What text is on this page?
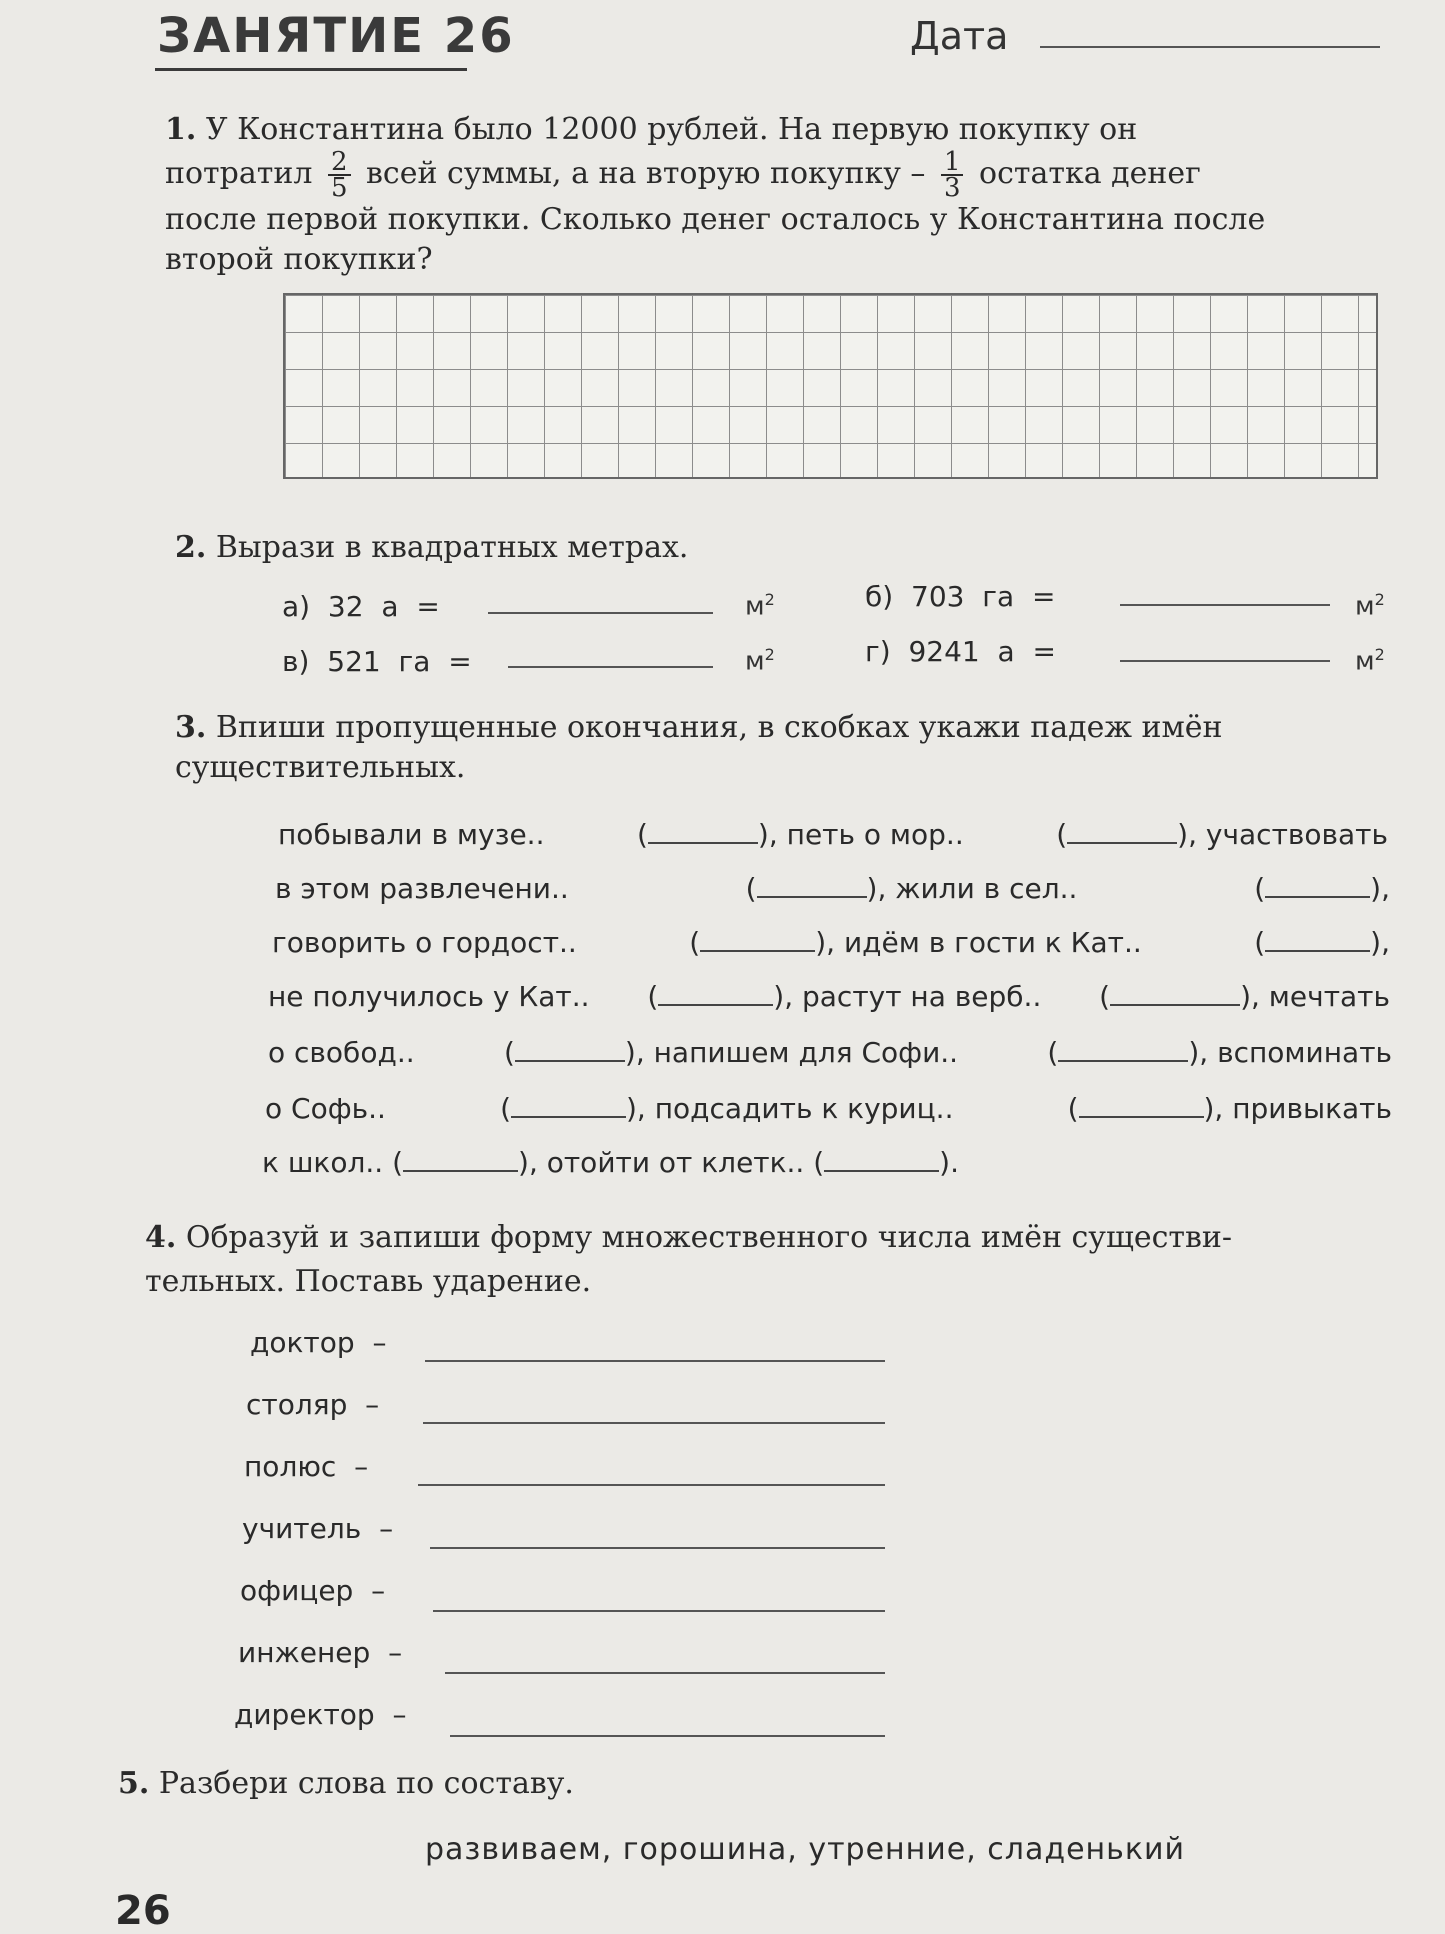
ЗАНЯТИЕ 26	Дата
1. У Константина было 12000 рублей. На первую покупку он
потратил $\frac{2}{5}$ всей суммы, а на вторую покупку – $\frac{1}{3}$ остатка денег
после первой покупки. Сколько денег осталось у Константина после
второй покупки?
2. Вырази в квадратных метрах.
а) 32 а =	$м^2$	б) 703 га =	$м^2$
в) 521 га =	$м^2$	г) 9241 а =	$м^2$
3. Впиши пропущенные окончания, в скобках укажи падеж имён
существительных.
побывали в музе..	(	), петь о мор..	(	), участвовать
в этом развлечени..	(	), жили в сел..	(	),
говорить о гордост..	(	), идём в гости к Кат..	(	),
не получилось у Кат.. (	), растут на верб.. (	), мечтать
о свобод..	(	), напишем для Софи..	(	), вспоминать
о Софь..	(	), подсадить к куриц..	(	), привыкать
к школ.. (	), отойти от клетк.. (	).
4. Образуй и запиши форму множественного числа имён существи-
тельных. Поставь ударение.
доктор –
столяр –
полюс –
учитель –
офицер –
инженер –
директор –
5. Разбери слова по составу.
развиваем, горошина, утренние, сладенький
26
